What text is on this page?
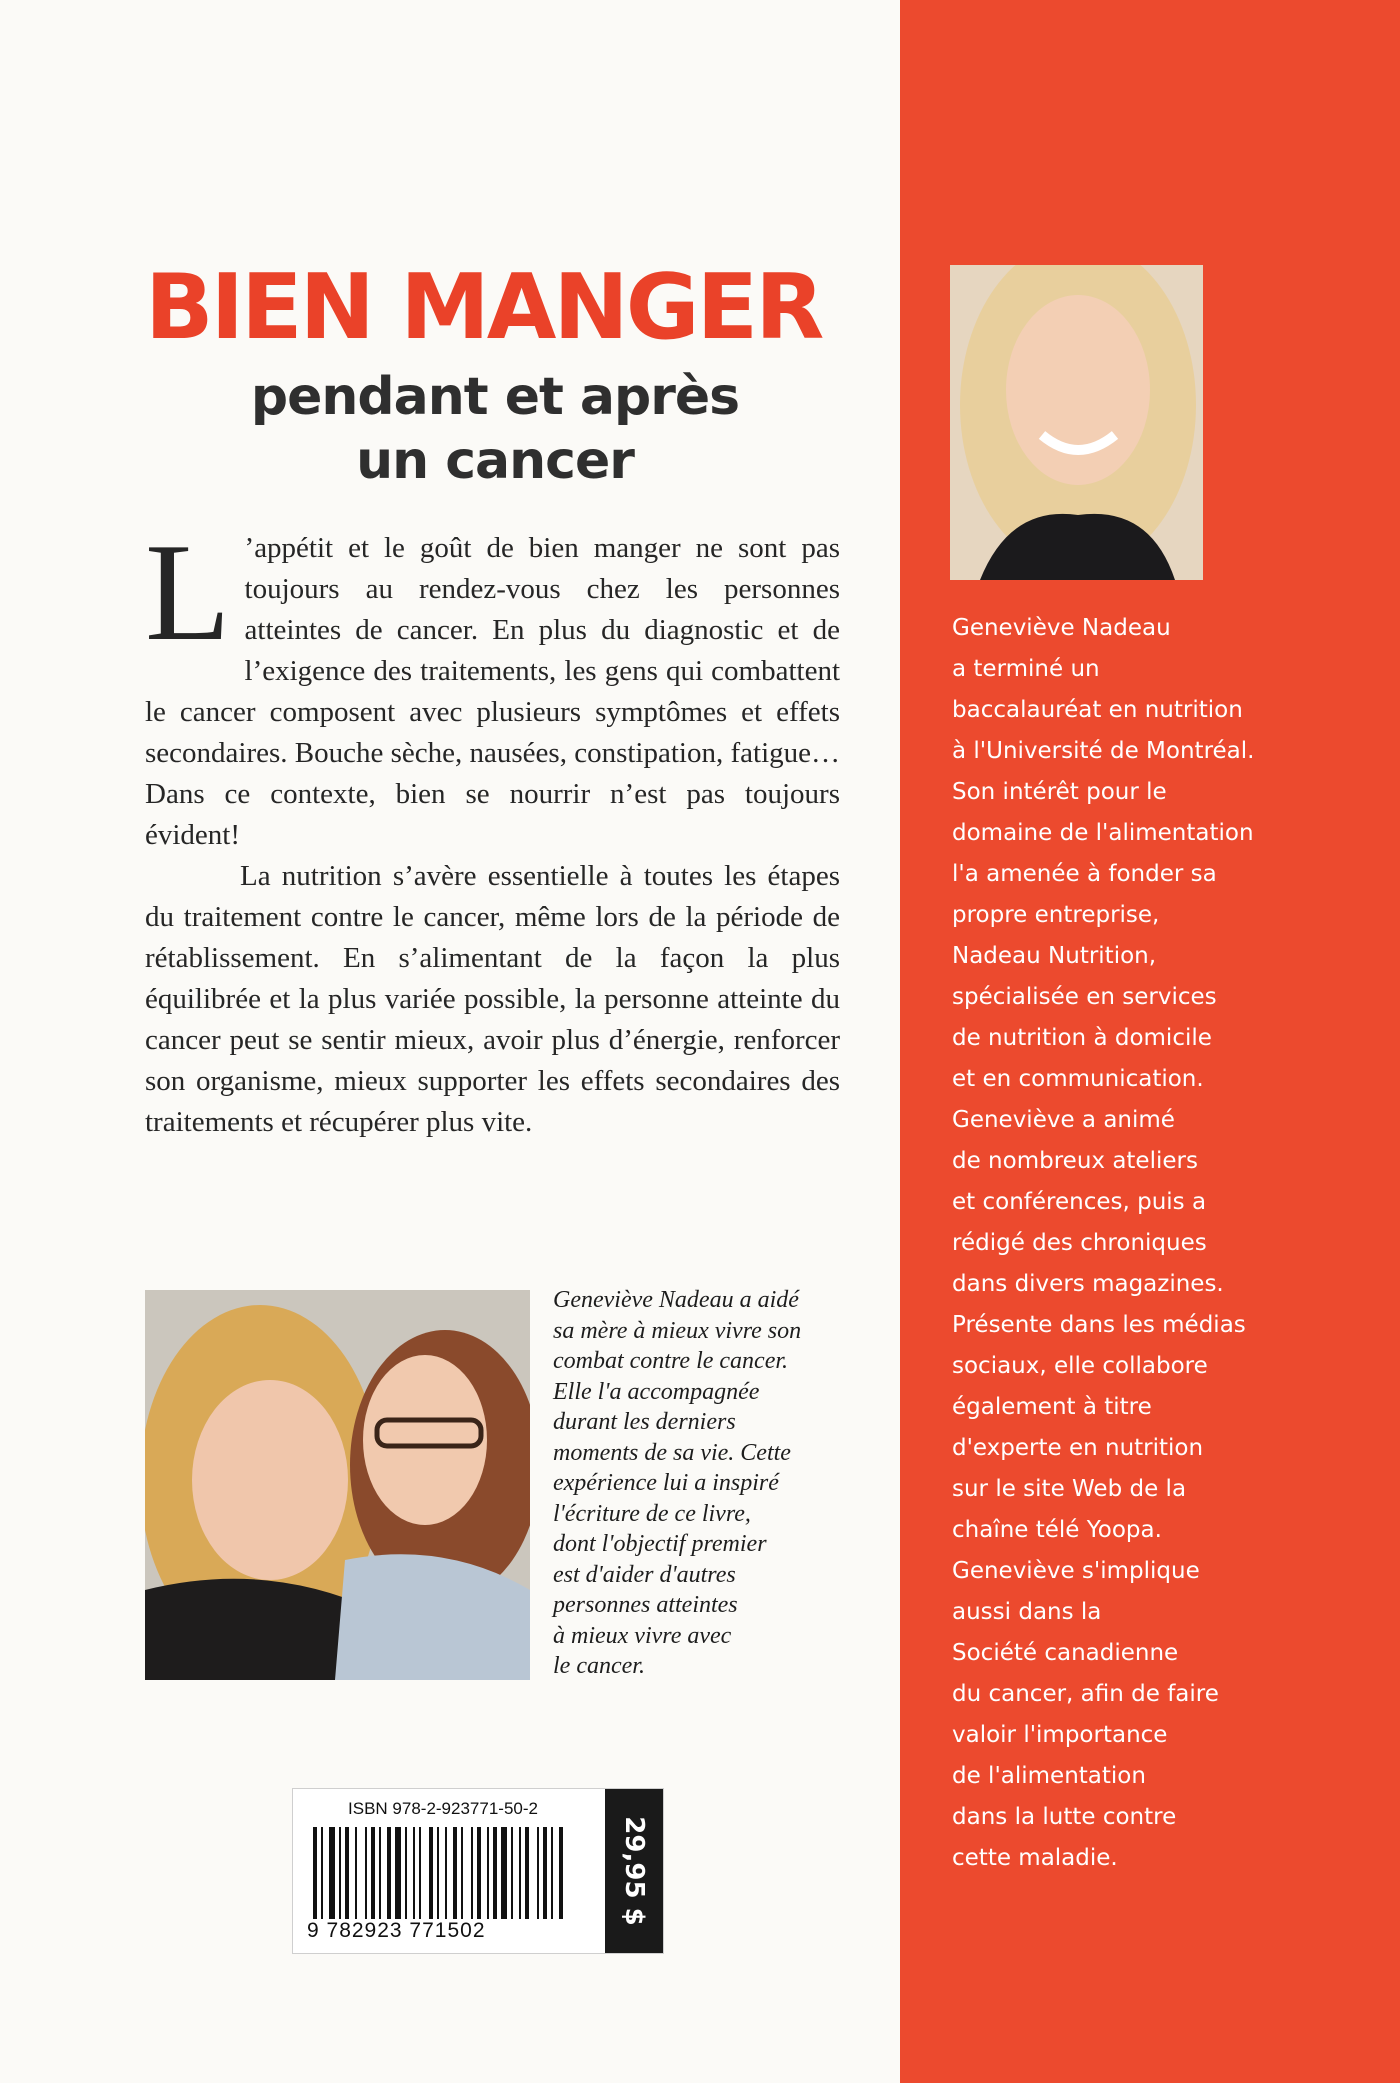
BIEN MANGER
pendant et après
un cancer

L ’appétit et le goût de bien manger ne sont pas toujours au rendez-vous chez les personnes atteintes de cancer. En plus du diagnostic et de l’exigence des traitements, les gens qui combattent le cancer composent avec plusieurs symptômes et effets secondaires. Bouche sèche, nausées, constipation, fatigue… Dans ce contexte, bien se nourrir n’est pas toujours évident!

La nutrition s’avère essentielle à toutes les étapes du traitement contre le cancer, même lors de la période de rétablissement. En s’alimentant de la façon la plus équilibrée et la plus variée possible, la personne atteinte du cancer peut se sentir mieux, avoir plus d’énergie, renforcer son organisme, mieux supporter les effets secondaires des traitements et récupérer plus vite.

Geneviève Nadeau a aidé
sa mère à mieux vivre son
combat contre le cancer.
Elle l'a accompagnée
durant les derniers
moments de sa vie. Cette
expérience lui a inspiré
l'écriture de ce livre,
dont l'objectif premier
est d'aider d'autres
personnes atteintes
à mieux vivre avec
le cancer.
Geneviève Nadeau
a terminé un
baccalauréat en nutrition
à l'Université de Montréal.
Son intérêt pour le
domaine de l'alimentation
l'a amenée à fonder sa
propre entreprise,
Nadeau Nutrition,
spécialisée en services
de nutrition à domicile
et en communication.
Geneviève a animé
de nombreux ateliers
et conférences, puis a
rédigé des chroniques
dans divers magazines.
Présente dans les médias
sociaux, elle collabore
également à titre
d'experte en nutrition
sur le site Web de la
chaîne télé Yoopa.
Geneviève s'implique
aussi dans la
Société canadienne
du cancer, afin de faire
valoir l'importance
de l'alimentation
dans la lutte contre
cette maladie.
ISBN 978-2-923771-50-2
9 782923 771502
29,95 $
